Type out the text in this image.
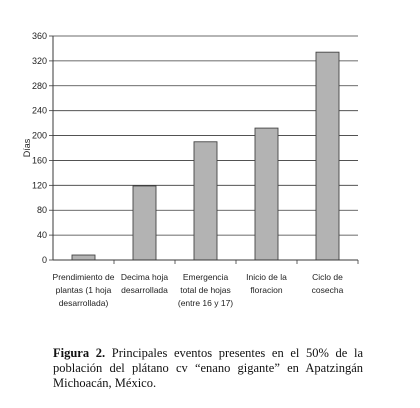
0
40
80
120
160
200
240
280
320
360
Prendimiento de
plantas (1 hoja
desarrollada)
Decima hoja
desarrollada
Emergencia
total de hojas
(entre 16 y 17)
Inicio de la
floracion
Ciclo de
cosecha
Días
Figura 2. Principales eventos presentes en el 50% de la población del plátano cv “enano gigante” en Apatzingán Michoacán, México.
